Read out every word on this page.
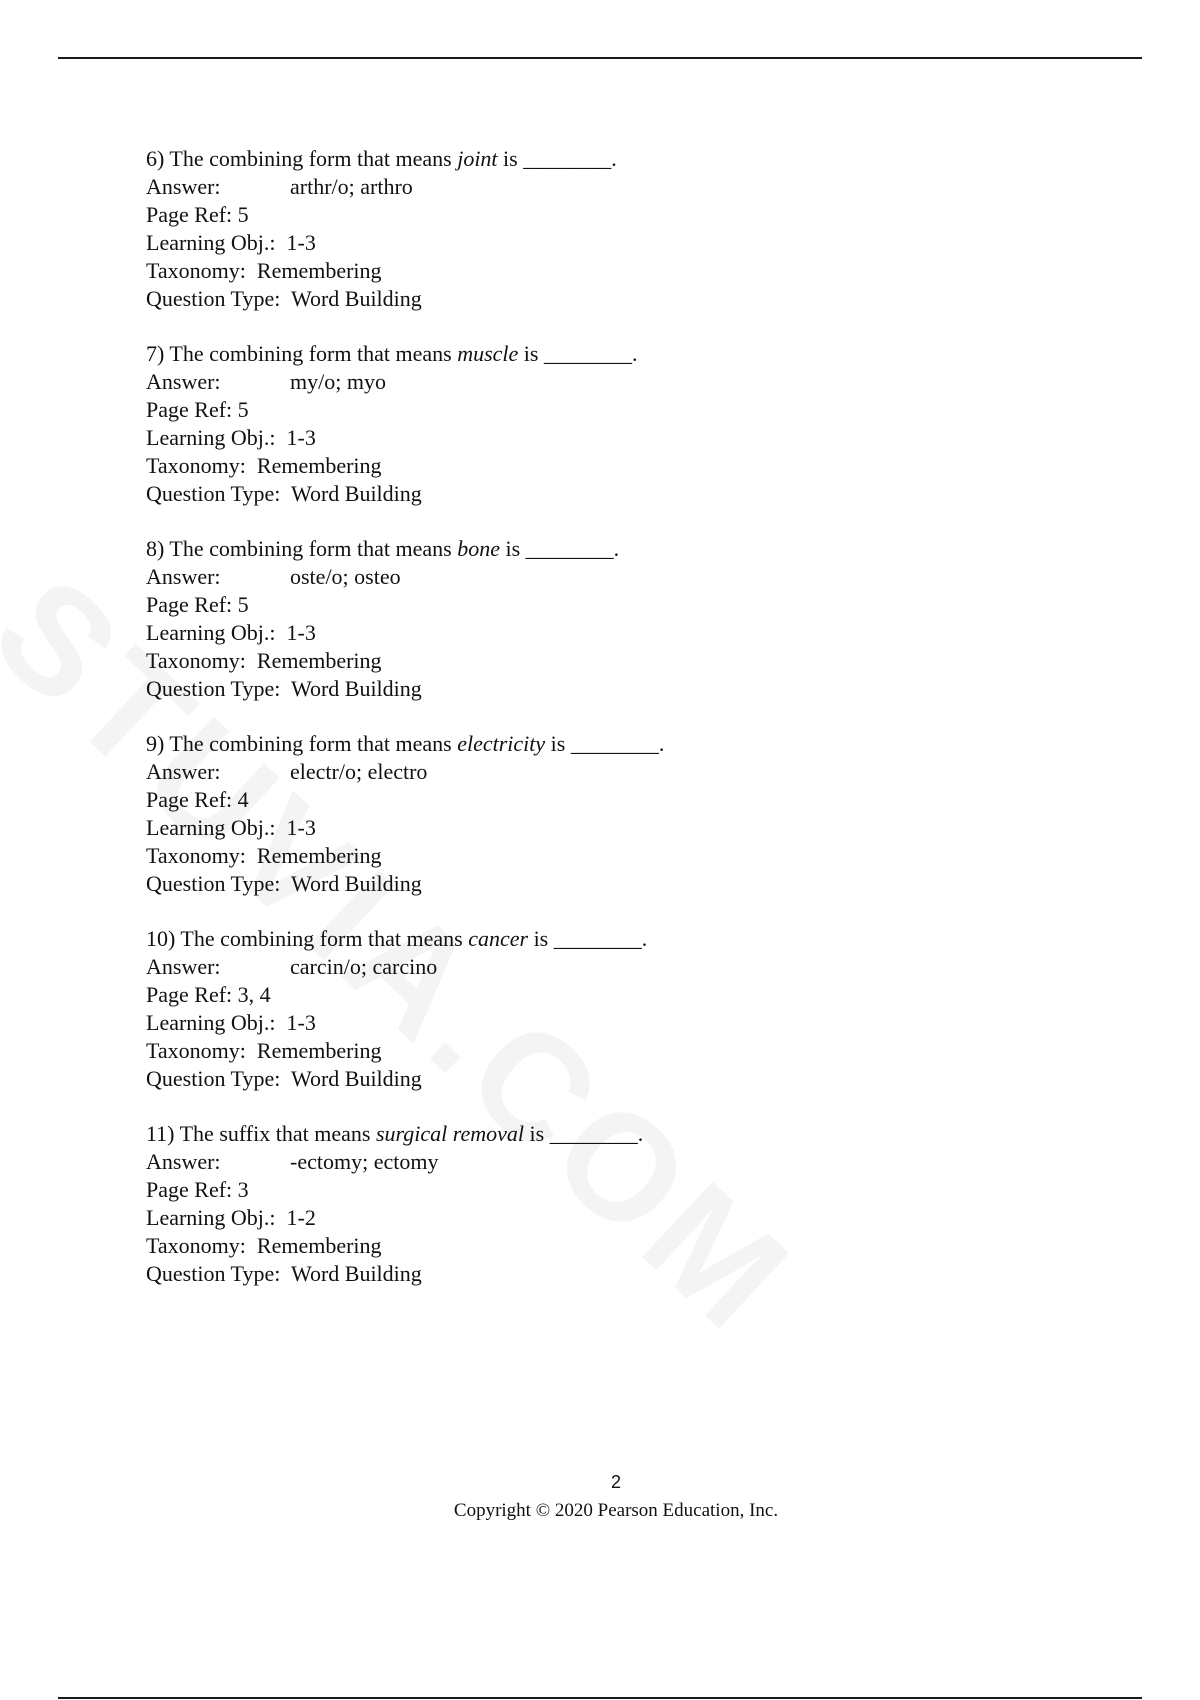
6) The combining form that means joint is ________.
Answer:	arthr/o; arthro
Page Ref: 5
Learning Obj.: 1-3
Taxonomy: Remembering
Question Type: Word Building
7) The combining form that means muscle is ________.
Answer:	my/o; myo
Page Ref: 5
Learning Obj.: 1-3
Taxonomy: Remembering
Question Type: Word Building
8) The combining form that means bone is ________.
Answer:	oste/o; osteo
Page Ref: 5
Learning Obj.: 1-3
Taxonomy: Remembering
Question Type: Word Building
9) The combining form that means electricity is ________.
Answer:	electr/o; electro
Page Ref: 4
Learning Obj.: 1-3
Taxonomy: Remembering
Question Type: Word Building
10) The combining form that means cancer is ________.
Answer:	carcin/o; carcino
Page Ref: 3, 4
Learning Obj.: 1-3
Taxonomy: Remembering
Question Type: Word Building
11) The suffix that means surgical removal is ________.
Answer:	-ectomy; ectomy
Page Ref: 3
Learning Obj.: 1-2
Taxonomy: Remembering
Question Type: Word Building
2
Copyright © 2020 Pearson Education, Inc.
